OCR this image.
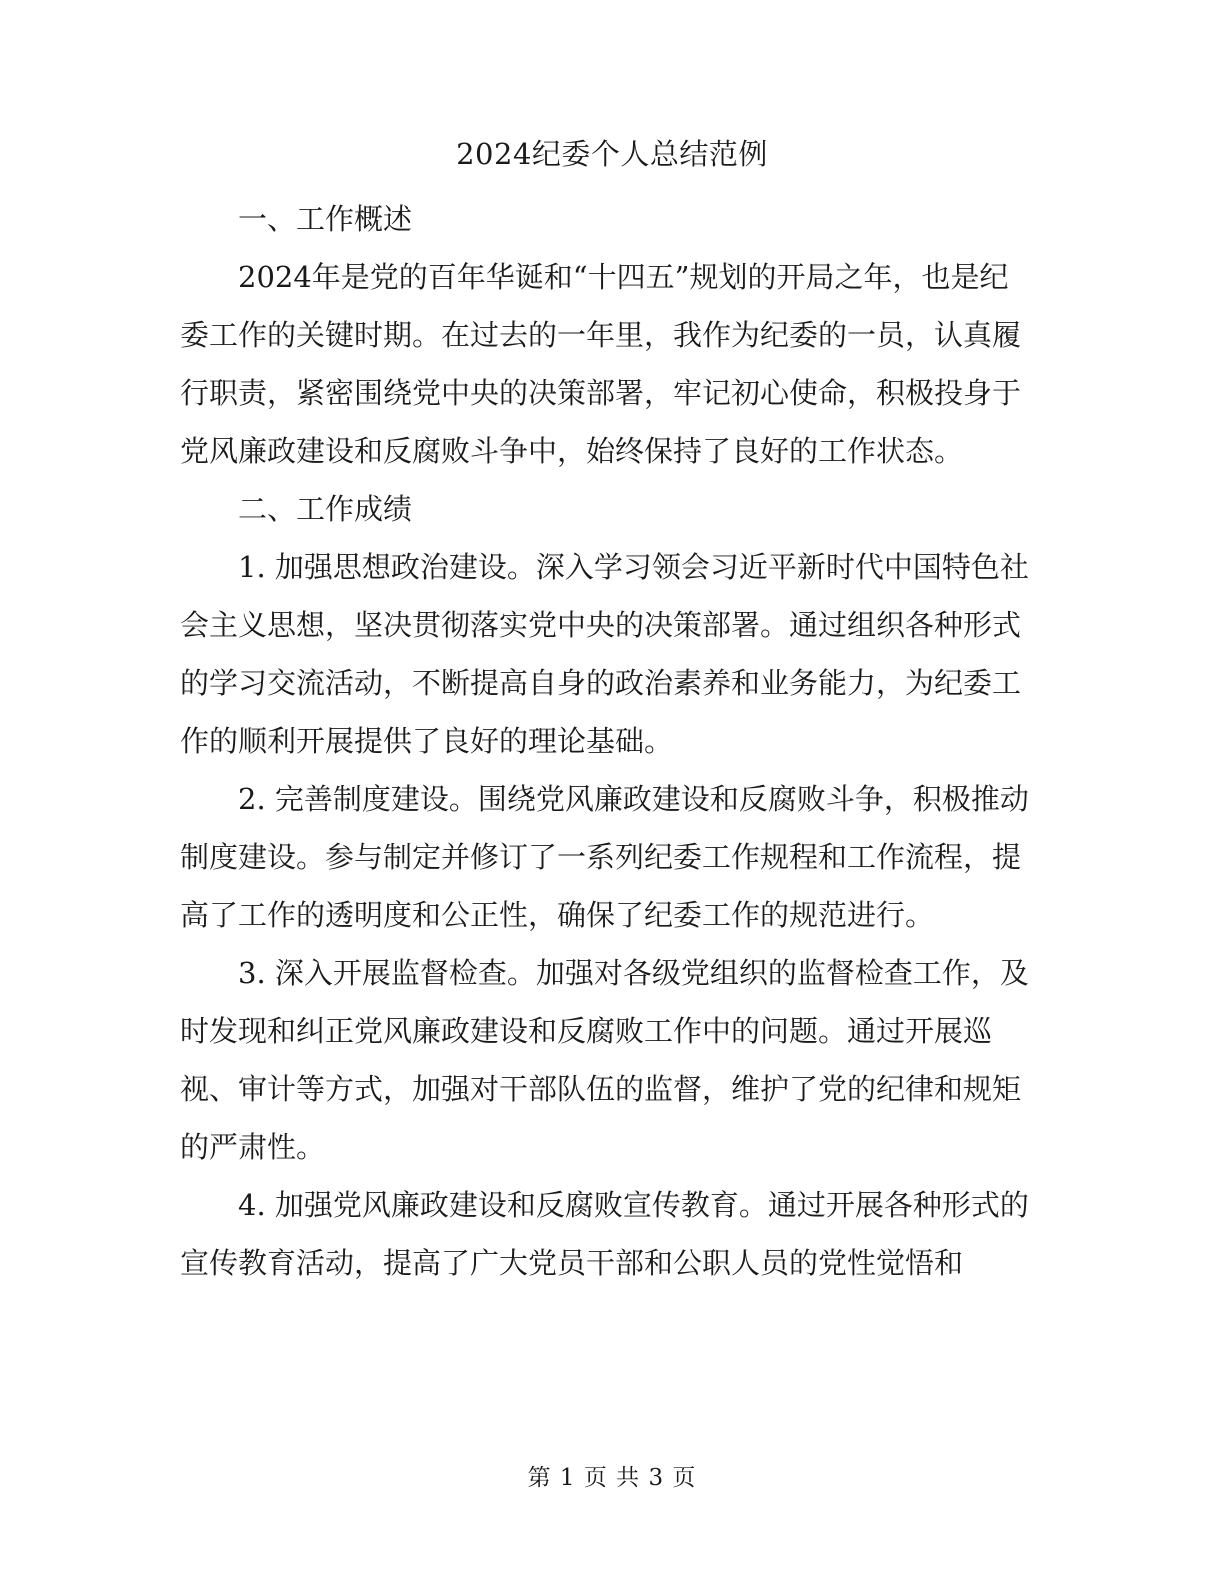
2024纪委个人总结范例

一、工作概述

2024年是党的百年华诞和“十四五”规划的开局之年，也是纪委工作的关键时期。在过去的一年里，我作为纪委的一员，认真履行职责，紧密围绕党中央的决策部署，牢记初心使命，积极投身于党风廉政建设和反腐败斗争中，始终保持了良好的工作状态。

二、工作成绩

1. 加强思想政治建设。深入学习领会习近平新时代中国特色社会主义思想，坚决贯彻落实党中央的决策部署。通过组织各种形式的学习交流活动，不断提高自身的政治素养和业务能力，为纪委工作的顺利开展提供了良好的理论基础。

2. 完善制度建设。围绕党风廉政建设和反腐败斗争，积极推动制度建设。参与制定并修订了一系列纪委工作规程和工作流程，提高了工作的透明度和公正性，确保了纪委工作的规范进行。

3. 深入开展监督检查。加强对各级党组织的监督检查工作，及时发现和纠正党风廉政建设和反腐败工作中的问题。通过开展巡视、审计等方式，加强对干部队伍的监督，维护了党的纪律和规矩的严肃性。

4. 加强党风廉政建设和反腐败宣传教育。通过开展各种形式的宣传教育活动，提高了广大党员干部和公职人员的党性觉悟和

第 1 页 共 3 页
